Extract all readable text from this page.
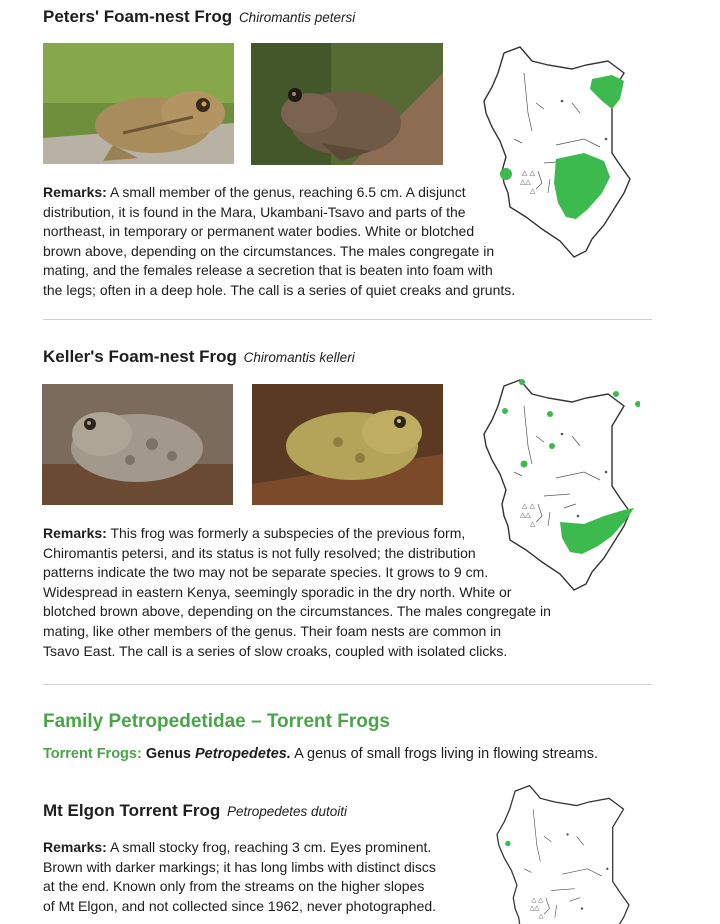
Peters' Foam-nest Frog Chiromantis petersi
Remarks: A small member of the genus, reaching 6.5 cm. A disjunct
distribution, it is found in the Mara, Ukambani-Tsavo and parts of the
northeast, in temporary or permanent water bodies. White or blotched
brown above, depending on the circumstances. The males congregate in
mating, and the females release a secretion that is beaten into foam with
the legs; often in a deep hole. The call is a series of quiet creaks and grunts.
Keller's Foam-nest Frog Chiromantis kelleri
Remarks: This frog was formerly a subspecies of the previous form,
Chiromantis petersi, and its status is not fully resolved; the distribution
patterns indicate the two may not be separate species. It grows to 9 cm.
Widespread in eastern Kenya, seemingly sporadic in the dry north. White or
blotched brown above, depending on the circumstances. The males congregate in
mating, like other members of the genus. Their foam nests are common in
Tsavo East. The call is a series of slow croaks, coupled with isolated clicks.
Family Petropedetidae – Torrent Frogs
Torrent Frogs: Genus Petropedetes. A genus of small frogs living in flowing streams.
Mt Elgon Torrent Frog Petropedetes dutoiti
Remarks: A small stocky frog, reaching 3 cm. Eyes prominent.
Brown with darker markings; it has long limbs with distinct discs
at the end. Known only from the streams on the higher slopes
of Mt Elgon, and not collected since 1962, never photographed.
